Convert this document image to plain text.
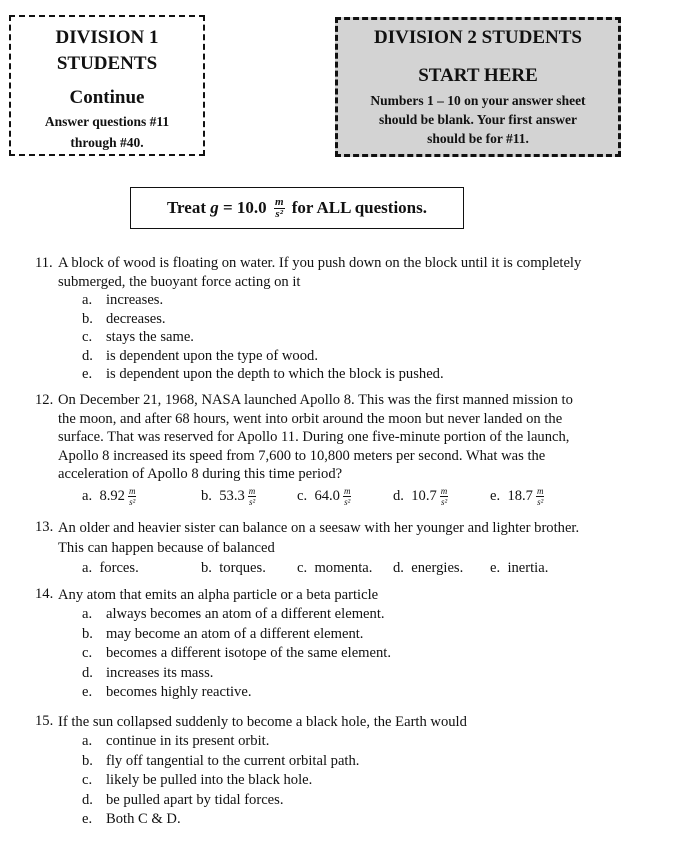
DIVISION 1
STUDENTS
Continue
Answer questions #11
through #40.
DIVISION 2 STUDENTS
START HERE
Numbers 1 – 10 on your answer sheet
should be blank. Your first answer
should be for #11.
Treat $g = 10.0 \frac{m}{\text{s²}}$ for ALL questions.
11. A block of wood is floating on water. If you push down on the block until it is completely
submerged, the buoyant force acting on it
a. increases.
b. decreases.
c. stays the same.
d. is dependent upon the type of wood.
e. is dependent upon the depth to which the block is pushed.
12. On December 21, 1968, NASA launched Apollo 8. This was the first manned mission to
the moon, and after 68 hours, went into orbit around the moon but never landed on the
surface. That was reserved for Apollo 11. During one five-minute portion of the launch,
Apollo 8 increased its speed from 7,600 to 10,800 meters per second. What was the
acceleration of Apollo 8 during this time period?
a. $8.92 \frac{m}{\text{s²}}$	b. $53.3 \frac{m}{\text{s²}}$	c. $64.0 \frac{m}{\text{s²}}$	d. $10.7 \frac{m}{\text{s²}}$	e. $18.7 \frac{m}{\text{s²}}$
13. An older and heavier sister can balance on a seesaw with her younger and lighter brother.
This can happen because of balanced
a. forces.	b. torques. c. momenta. d. energies. e. inertia.
14. Any atom that emits an alpha particle or a beta particle
a. always becomes an atom of a different element.
b. may become an atom of a different element.
c. becomes a different isotope of the same element.
d. increases its mass.
e. becomes highly reactive.
15. If the sun collapsed suddenly to become a black hole, the Earth would
a. continue in its present orbit.
b. fly off tangential to the current orbital path.
c. likely be pulled into the black hole.
d. be pulled apart by tidal forces.
e. Both C & D.
